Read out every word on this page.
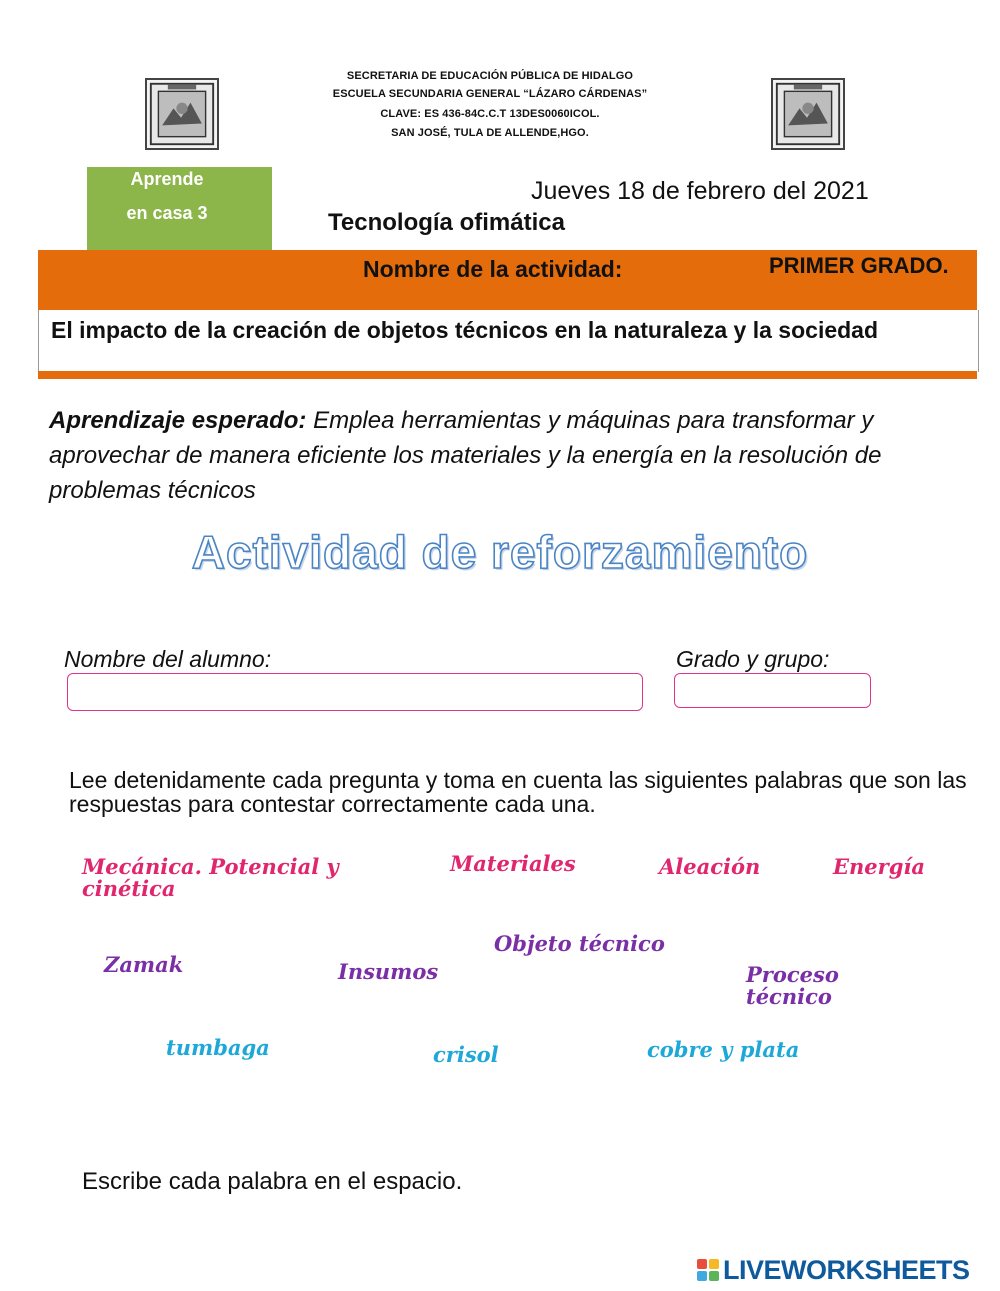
SECRETARIA DE EDUCACIÓN PÚBLICA DE HIDALGO
ESCUELA SECUNDARIA GENERAL “LÁZARO CÁRDENAS”
CLAVE: ES 436-84C.C.T 13DES0060ICOL.
SAN JOSÉ, TULA DE ALLENDE,HGO.
Aprende
en casa 3
Jueves 18 de febrero del 2021
Tecnología ofimática
Nombre de la actividad:	PRIMER GRADO.
El impacto de la creación de objetos técnicos en la naturaleza y la sociedad
Aprendizaje esperado: Emplea herramientas y máquinas para transformar y aprovechar de manera eficiente los materiales y la energía en la resolución de problemas técnicos
Actividad de reforzamiento
Nombre del alumno:	Grado y grupo:
Lee detenidamente cada pregunta y toma en cuenta las siguientes palabras que son las respuestas para contestar correctamente cada una.
Mecánica. Potencial y cinética
Materiales	Aleación	Energía
Zamak	Insumos
Objeto técnico
Proceso técnico
tumbaga	crisol	cobre y plata
Escribe cada palabra en el espacio.
LIVEWORKSHEETS
